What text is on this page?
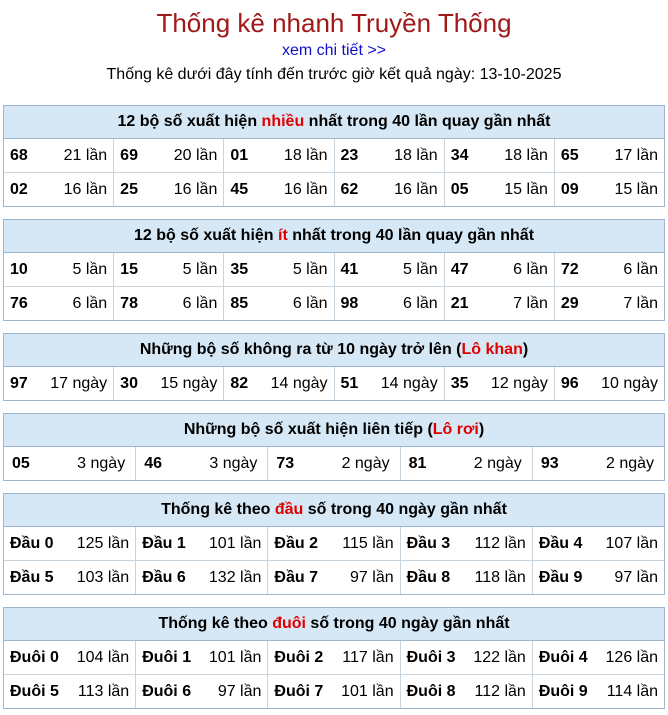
Thống kê nhanh Truyền Thống
xem chi tiết >>
Thống kê dưới đây tính đến trước giờ kết quả ngày: 13-10-2025
12 bộ số xuất hiện nhiều nhất trong 40 lần quay gần nhất
68 21 lần 69 20 lần 01 18 lần 23 18 lần 34 18 lần 65 17 lần
02 16 lần 25 16 lần 45 16 lần 62 16 lần 05 15 lần 09 15 lần
12 bộ số xuất hiện ít nhất trong 40 lần quay gần nhất
10	5 lần 15	5 lần 35	5 lần 41	5 lần 47	6 lần 72	6 lần
76	6 lần 78	6 lần 85	6 lần 98	6 lần 21	7 lần 29	7 lần
Những bộ số không ra từ 10 ngày trở lên (Lô khan)
97 17 ngày 30 15 ngày 82 14 ngày 51 14 ngày 35 12 ngày 96 10 ngày
Những bộ số xuất hiện liên tiếp (Lô rơi)
05	3 ngày 46	3 ngày 73	2 ngày 81	2 ngày 93	2 ngày
Thống kê theo đầu số trong 40 ngày gần nhất
Đầu 0 125 lần Đầu 1 101 lần Đầu 2 115 lần Đầu 3 112 lần Đầu 4 107 lần
Đầu 5 103 lần Đầu 6 132 lần Đầu 7 97 lần Đầu 8 118 lần Đầu 9 97 lần
Thống kê theo đuôi số trong 40 ngày gần nhất
Đuôi 0 104 lần Đuôi 1 101 lần Đuôi 2 117 lần Đuôi 3 122 lần Đuôi 4 126 lần
Đuôi 5 113 lần Đuôi 6 97 lần Đuôi 7 101 lần Đuôi 8 112 lần Đuôi 9 114 lần
